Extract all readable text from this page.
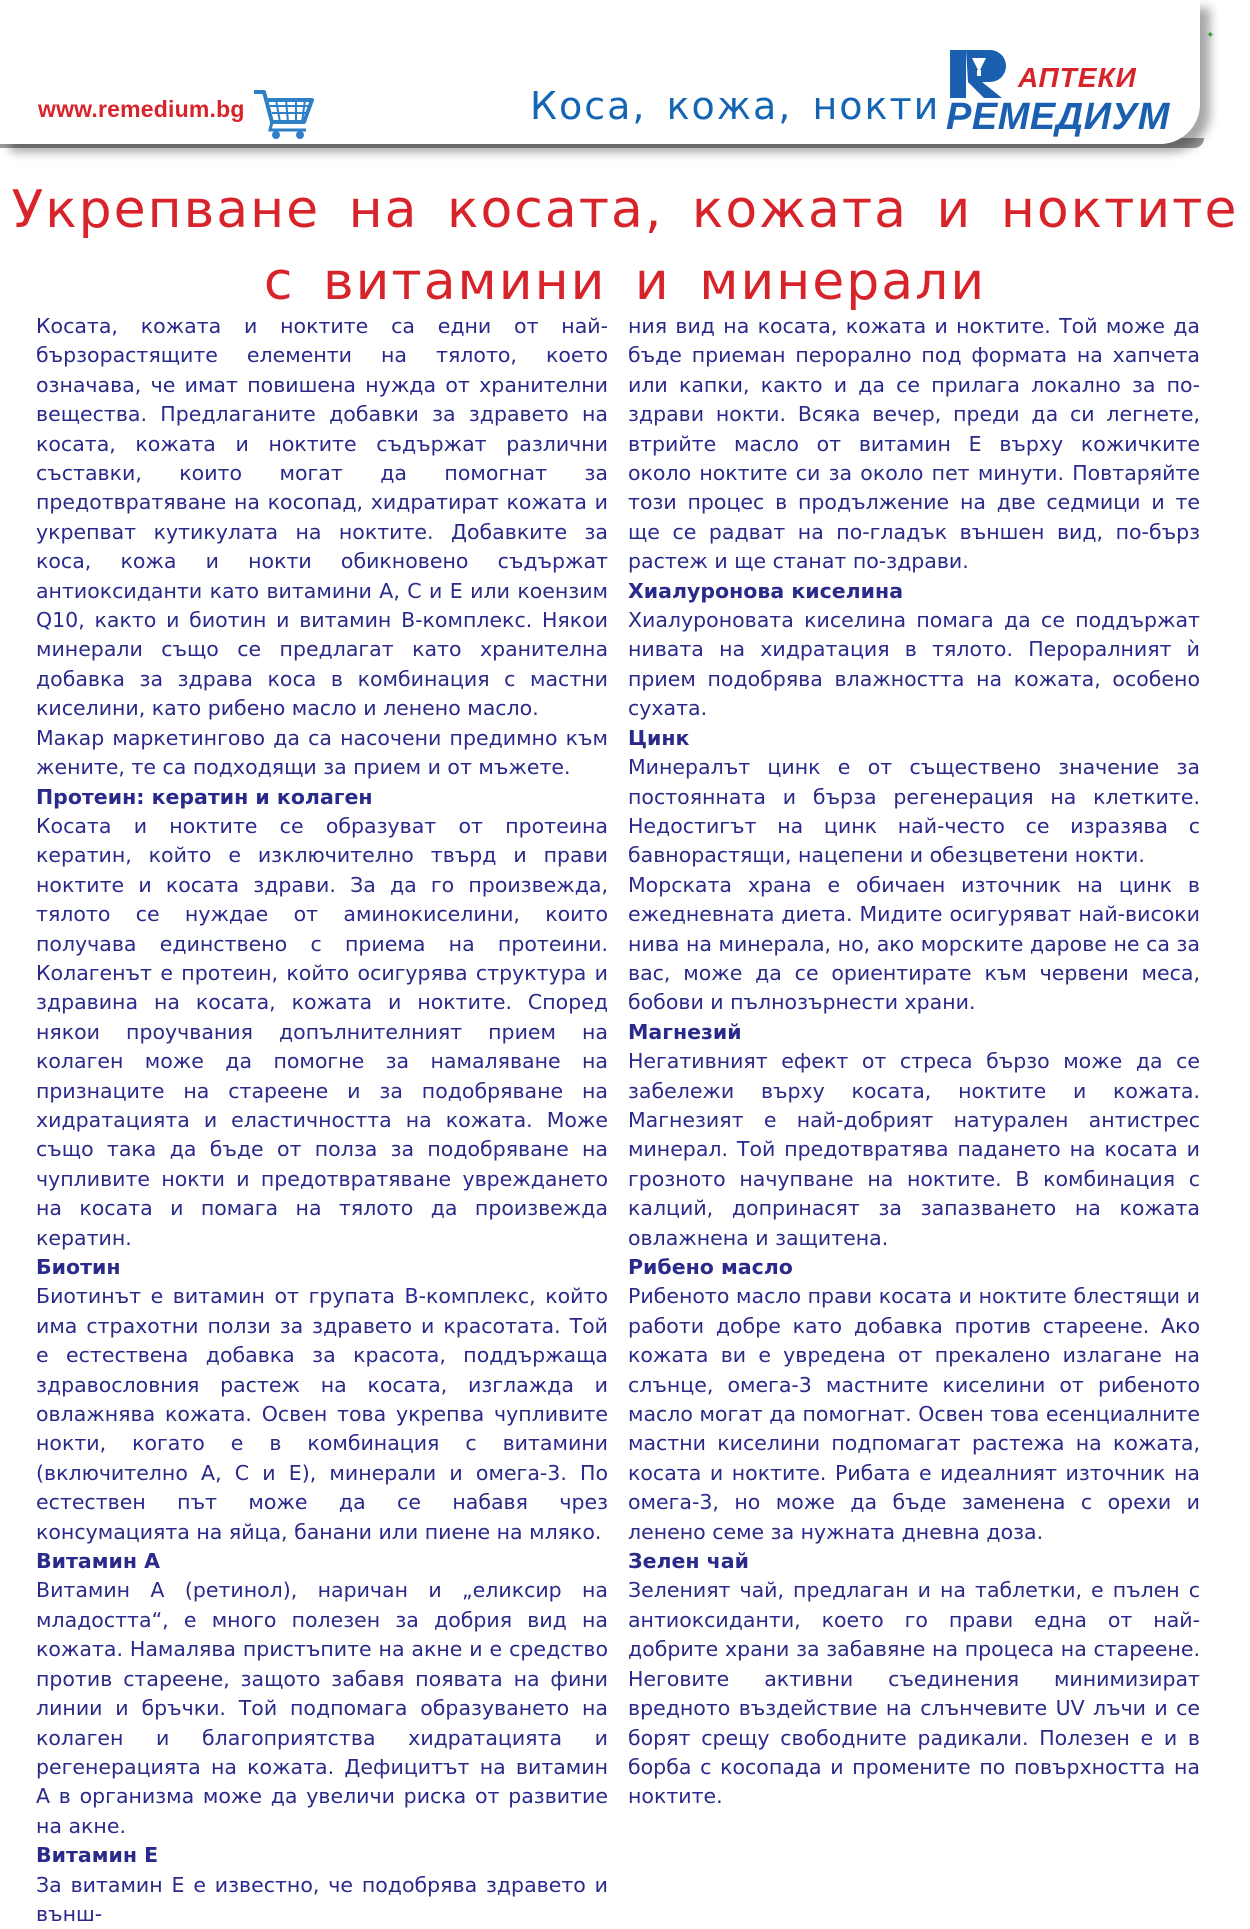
www.remedium.bg	Коса, кожа, нокти
АПТЕКИ
РЕМЕДИУМ
✦
Укрепване на косата, кожата и ноктите
с витамини и минерали

Косата, кожата и ноктите са едни от най-бързорастящите елементи на тялото, което означава, че имат повишена нужда от хранителни вещества. Предлаганите добавки за здравето на косата, кожата и ноктите съдържат различни съставки, които могат да помогнат за предотвратяване на косопад, хидратират кожата и укрепват кутикулата на ноктите. Добавките за коса, кожа и нокти обикновено съдържат антиоксиданти като витамини А, С и Е или коензим Q10, както и биотин и витамин В-комплекс. Някои минерали също се предлагат като хранителна добавка за здрава коса в комбинация с мастни киселини, като рибено масло и ленено масло.

Макар маркетингово да са насочени предимно към жените, те са подходящи за прием и от мъжете.

Протеин: кератин и колаген

Косата и ноктите се образуват от протеина кератин, който е изключително твърд и прави ноктите и косата здрави. За да го произвежда, тялото се нуждае от аминокиселини, които получава единствено с приема на протеини. Колагенът е протеин, който осигурява структура и здравина на косата, кожата и ноктите. Според някои проучвания допълнителният прием на колаген може да помогне за намаляване на признаците на стареене и за подобряване на хидратацията и еластичността на кожата. Може също така да бъде от полза за подобряване на чупливите нокти и предотвратяване увреждането на косата и помага на тялото да произвежда кератин.

Биотин

Биотинът е витамин от групата В-комплекс, който има страхотни ползи за здравето и красотата. Той е естествена добавка за красота, поддържаща здравословния растеж на косата, изглажда и овлажнява кожата. Освен това укрепва чупливите нокти, когато е в комбинация с витамини (включително А, С и Е), минерали и омега-3. По естествен път може да се набавя чрез консумацията на яйца, банани или пиене на мляко.

Витамин А

Витамин А (ретинол), наричан и „еликсир на младостта“, е много полезен за добрия вид на кожата. Намалява пристъпите на акне и е средство против стареене, защото забавя появата на фини линии и бръчки. Той подпомага образуването на колаген и благоприятства хидратацията и регенерацията на кожата. Дефицитът на витамин А в организма може да увеличи риска от развитие на акне.

Витамин Е

За витамин Е е известно, че подобрява здравето и външ-

ния вид на косата, кожата и ноктите. Той може да бъде приеман перорално под формата на хапчета или капки, както и да се прилага локално за по-здрави нокти. Всяка вечер, преди да си легнете, втрийте масло от витамин Е върху кожичките около ноктите си за около пет минути. Повтаряйте този процес в продължение на две седмици и те ще се радват на по-гладък външен вид, по-бърз растеж и ще станат по-здрави.

Хиалуронова киселина

Хиалуроновата киселина помага да се поддържат нивата на хидратация в тялото. Пероралният ѝ прием подобрява влажността на кожата, особено сухата.

Цинк

Минералът цинк е от съществено значение за постоянната и бърза регенерация на клетките. Недостигът на цинк най-често се изразява с бавнорастящи, нацепени и обезцветени нокти.

Морската храна е обичаен източник на цинк в ежедневната диета. Мидите осигуряват най-високи нива на минерала, но, ако морските дарове не са за вас, може да се ориентирате към червени меса, бобови и пълнозърнести храни.

Магнезий

Негативният ефект от стреса бързо може да се забележи върху косата, ноктите и кожата. Магнезият е най-добрият натурален антистрес минерал. Той предотвратява падането на косата и грозното начупване на ноктите. В комбинация с калций, допринасят за запазването на кожата овлажнена и защитена.

Рибено масло

Рибеното масло прави косата и ноктите блестящи и работи добре като добавка против стареене. Ако кожата ви е увредена от прекалено излагане на слънце, омега-3 мастните киселини от рибеното масло могат да помогнат. Освен това есенциалните мастни киселини подпомагат растежа на кожата, косата и ноктите. Рибата е идеалният източник на омега-3, но може да бъде заменена с орехи и ленено семе за нужната дневна доза.

Зелен чай

Зеленият чай, предлаган и на таблетки, е пълен с антиоксиданти, което го прави една от най-добрите храни за забавяне на процеса на стареене. Неговите активни съединения минимизират вредното въздействие на слънчевите UV лъчи и се борят срещу свободните радикали. Полезен е и в борба с косопада и промените по повърхността на ноктите.
